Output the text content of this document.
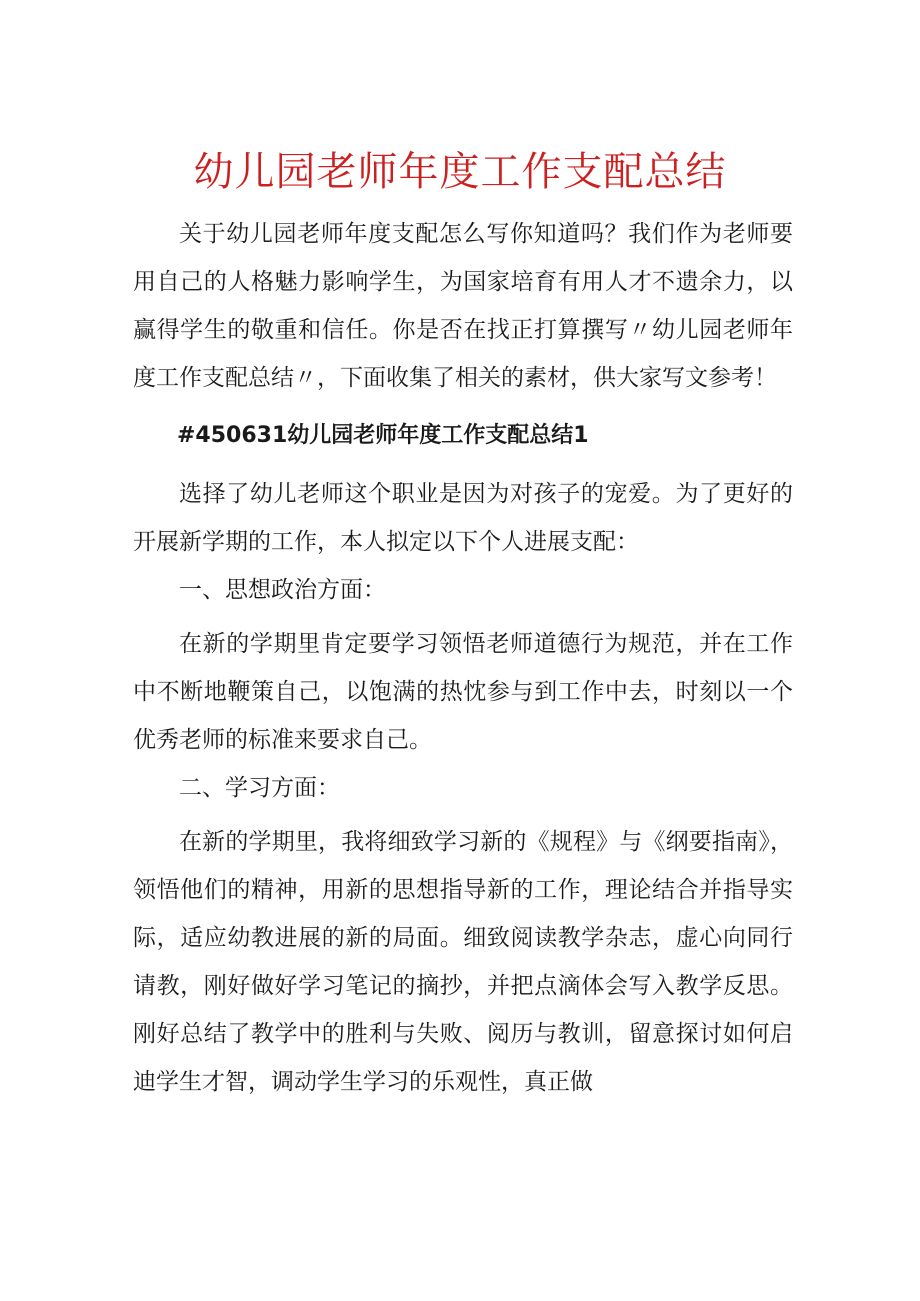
幼儿园老师年度工作支配总结

关于幼儿园老师年度支配怎么写你知道吗？我们作为老师要用自己的人格魅力影响学生，为国家培育有用人才不遗余力，以赢得学生的敬重和信任。你是否在找正打算撰写〃幼儿园老师年度工作支配总结〃，下面收集了相关的素材，供大家写文参考！

#450631幼儿园老师年度工作支配总结1

选择了幼儿老师这个职业是因为对孩子的宠爱。为了更好的开展新学期的工作，本人拟定以下个人进展支配：

一、思想政治方面：

在新的学期里肯定要学习领悟老师道德行为规范，并在工作中不断地鞭策自己，以饱满的热忱参与到工作中去，时刻以一个优秀老师的标准来要求自己。

二、学习方面：

在新的学期里，我将细致学习新的《规程》与《纲要指南》，领悟他们的精神，用新的思想指导新的工作，理论结合并指导实际，适应幼教进展的新的局面。细致阅读教学杂志，虚心向同行请教，刚好做好学习笔记的摘抄，并把点滴体会写入教学反思。刚好总结了教学中的胜利与失败、阅历与教训，留意探讨如何启迪学生才智，调动学生学习的乐观性，真正做
